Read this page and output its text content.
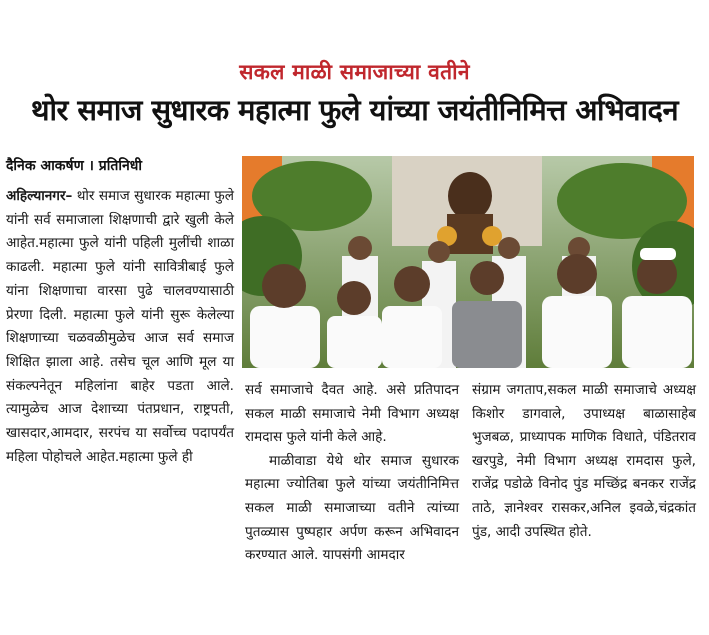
सकल माळी समाजाच्या वतीने
थोर समाज सुधारक महात्मा फुले यांच्या जयंतीनिमित्त अभिवादन
दैनिक आकर्षण । प्रतिनिधी
अहिल्यानगर– थोर समाज सुधारक महात्मा फुले यांनी सर्व समाजाला शिक्षणाची द्वारे खुली केले आहेत.महात्मा फुले यांनी पहिली मुलींची शाळा काढली. महात्मा फुले यांनी सावित्रीबाई फुले यांना शिक्षणाचा वारसा पुढे चालवण्यासाठी प्रेरणा दिली. महात्मा फुले यांनी सुरू केलेल्या शिक्षणाच्या चळवळीमुळेच आज सर्व समाज शिक्षित झाला आहे. तसेच चूल आणि मूल या संकल्पनेतून महिलांना बाहेर पडता आले. त्यामुळेच आज देशाच्या पंतप्रधान, राष्ट्रपती, खासदार,आमदार, सरपंच या सर्वोच्च पदापर्यंत महिला पोहोचले आहेत.महात्मा फुले ही
सर्व समाजाचे दैवत आहे. असे प्रतिपादन सकल माळी समाजाचे नेमी विभाग अध्यक्ष रामदास फुले यांनी केले आहे.
माळीवाडा येथे थोर समाज सुधारक महात्मा ज्योतिबा फुले यांच्या जयंतीनिमित्त सकल माळी समाजाच्या वतीने त्यांच्या पुतळ्यास पुष्पहार अर्पण करून अभिवादन करण्यात आले. यापसंगी आमदार
संग्राम जगताप,सकल माळी समाजाचे अध्यक्ष किशोर डागवाले, उपाध्यक्ष बाळासाहेब भुजबळ, प्राध्यापक माणिक विधाते, पंडितराव खरपुडे, नेमी विभाग अध्यक्ष रामदास फुले, राजेंद्र पडोळे विनोद पुंड मच्छिंद्र बनकर राजेंद्र ताठे, ज्ञानेश्वर रासकर,अनिल इवळे,चंद्रकांत पुंड, आदी उपस्थित होते.
